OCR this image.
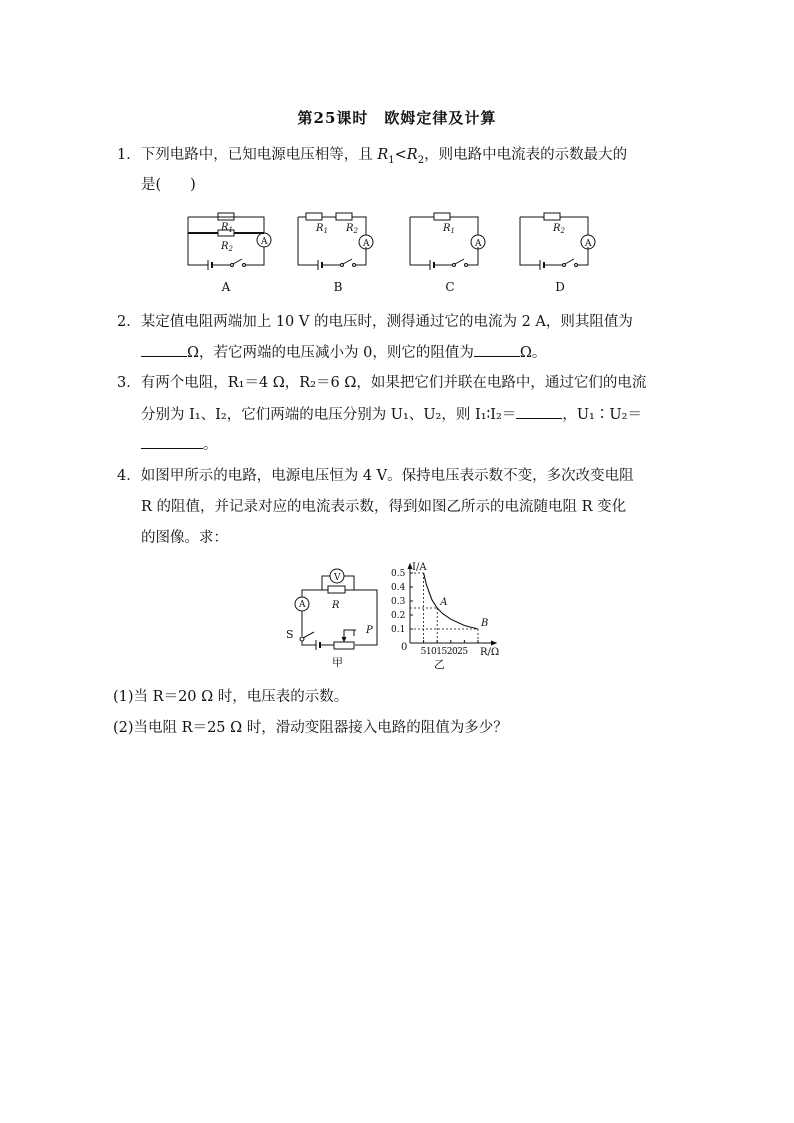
第25课时　欧姆定律及计算
1．下列电路中，已知电源电压相等，且 $R_1<R_2$，则电路中电流表的示数最大的
是(　　)
$R_1$
$R_2$
A
$R_1$ $R_2$
A
$R_1$
A
$R_2$
A
A	B	C	D
2．某定值电阻两端加上 10 V 的电压时，测得通过它的电流为 2 A，则其阻值为
Ω，若它两端的电压减小为 0，则它的阻值为	Ω。
3．有两个电阻，R₁＝4 Ω，R₂＝6 Ω，如果把它们并联在电路中，通过它们的电流
分别为 I₁、I₂，它们两端的电压分别为 U₁、U₂，则 I₁∶I₂＝	，U₁∶U₂＝
。
4．如图甲所示的电路，电源电压恒为 4 V。保持电压表示数不变，多次改变电阻
R 的阻值，并记录对应的电流表示数，得到如图乙所示的电流随电阻 R 变化
的图像。求：
A
V
R
S	P
甲
0.5
0.4
0.3
0.2
0.1
510152025
A
B
I/A
R/Ω
0
乙
(1)当 R＝20 Ω 时，电压表的示数。
(2)当电阻 R＝25 Ω 时，滑动变阻器接入电路的阻值为多少？
